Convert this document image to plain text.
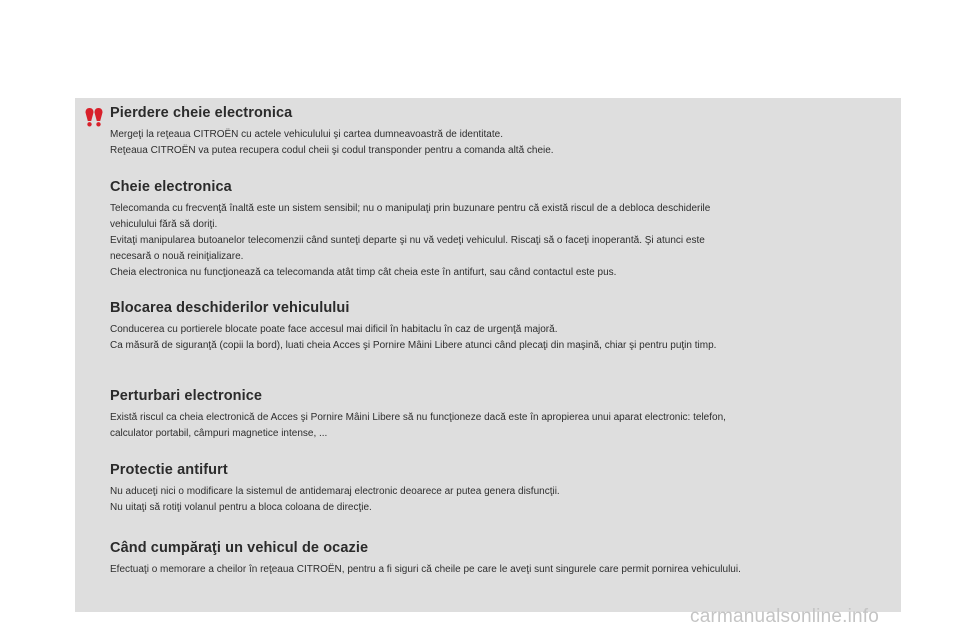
Pierdere cheie electronica

Mergeţi la reţeaua CITROËN cu actele vehiculului şi cartea dumneavoastră de identitate.

Reţeaua CITROËN va putea recupera codul cheii şi codul transponder pentru a comanda altă cheie.

Cheie electronica

Telecomanda cu frecvenţă înaltă este un sistem sensibil; nu o manipulaţi prin buzunare pentru că există riscul de a debloca deschiderile

vehiculului fără să doriţi.

Evitaţi manipularea butoanelor telecomenzii când sunteţi departe şi nu vă vedeţi vehiculul. Riscaţi să o faceţi inoperantă. Şi atunci este

necesară o nouă reiniţializare.

Cheia electronica nu funcţionează ca telecomanda atât timp cât cheia este în antifurt, sau când contactul este pus.

Blocarea deschiderilor vehiculului

Conducerea cu portierele blocate poate face accesul mai dificil în habitaclu în caz de urgenţă majoră.

Ca măsură de siguranţă (copii la bord), luati cheia Acces şi Pornire Mâini Libere atunci când plecaţi din maşină, chiar şi pentru puţin timp.

Perturbari electronice

Există riscul ca cheia electronică de Acces şi Pornire Mâini Libere să nu funcţioneze dacă este în apropierea unui aparat electronic: telefon,

calculator portabil, câmpuri magnetice intense, ...

Protectie antifurt

Nu aduceţi nici o modificare la sistemul de antidemaraj electronic deoarece ar putea genera disfuncţii.

Nu uitaţi să rotiţi volanul pentru a bloca coloana de direcţie.

Când cumpăraţi un vehicul de ocazie

Efectuaţi o memorare a cheilor în reţeaua CITROËN, pentru a fi siguri că cheile pe care le aveţi sunt singurele care permit pornirea vehiculului.

carmanualsonline.info
